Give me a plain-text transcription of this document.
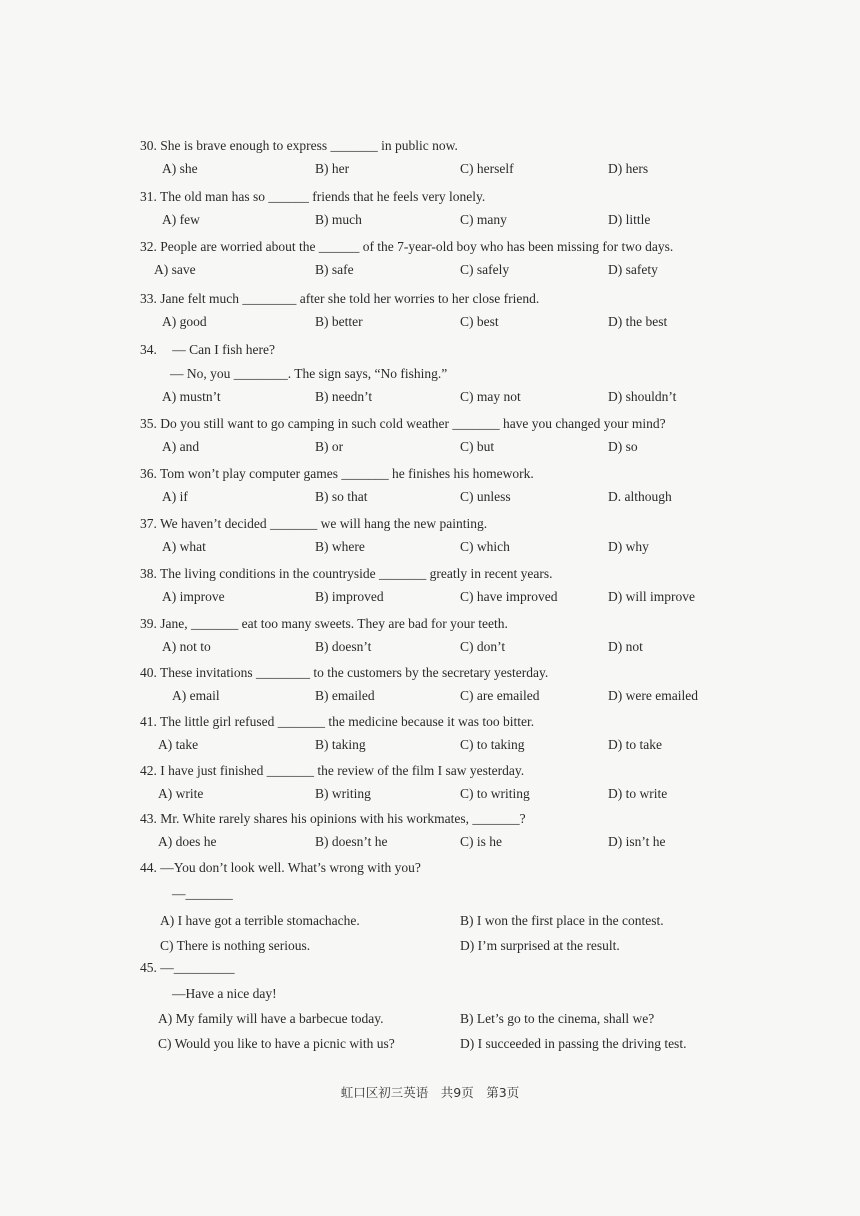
30. She is brave enough to express _______ in public now.
A) she	B) her	C) herself	D) hers
31. The old man has so ______ friends that he feels very lonely.
A) few	B) much	C) many	D) little
32. People are worried about the ______ of the 7-year-old boy who has been missing for two days.
A) save	B) safe	C) safely	D) safety
33. Jane felt much ________ after she told her worries to her close friend.
A) good	B) better	C) best	D) the best
34. — Can I fish here?
— No, you ________. The sign says, “No fishing.”
A) mustn’t	B) needn’t	C) may not	D) shouldn’t
35. Do you still want to go camping in such cold weather _______ have you changed your mind?
A) and	B) or	C) but	D) so
36. Tom won’t play computer games _______ he finishes his homework.
A) if	B) so that	C) unless	D. although
37. We haven’t decided _______ we will hang the new painting.
A) what	B) where	C) which	D) why
38. The living conditions in the countryside _______ greatly in recent years.
A) improve	B) improved	C) have improved	D) will improve
39. Jane, _______ eat too many sweets. They are bad for your teeth.
A) not to	B) doesn’t	C) don’t	D) not
40. These invitations ________ to the customers by the secretary yesterday.
A) email	B) emailed	C) are emailed	D) were emailed
41. The little girl refused _______ the medicine because it was too bitter.
A) take	B) taking	C) to taking	D) to take
42. I have just finished _______ the review of the film I saw yesterday.
A) write	B) writing	C) to writing	D) to write
43. Mr. White rarely shares his opinions with his workmates, _______?
A) does he	B) doesn’t he	C) is he	D) isn’t he
44. —You don’t look well. What’s wrong with you?
—_______
A) I have got a terrible stomachache.	B) I won the first place in the contest.
C) There is nothing serious.	D) I’m surprised at the result.
45. —_________
—Have a nice day!
A) My family will have a barbecue today.	B) Let’s go to the cinema, shall we?
C) Would you like to have a picnic with us?	D) I succeeded in passing the driving test.
虹口区初三英语　共9页　第3页
